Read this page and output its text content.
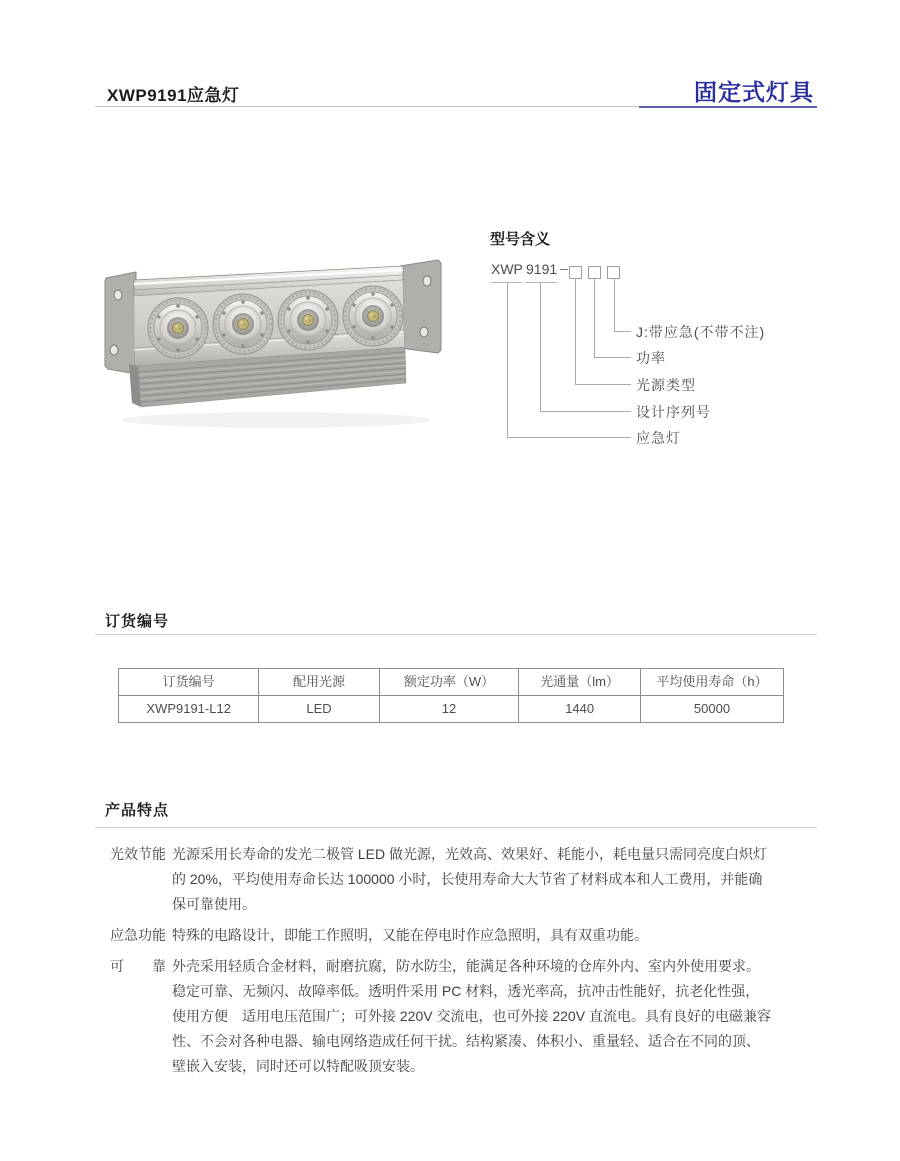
XWP9191应急灯	固定式灯具
型号含义
XWP 9191 –
J:带应急(不带不注)
功率
光源类型
设计序列号
应急灯
订货编号
订货编号	配用光源	额定功率（W）	光通量（lm）	平均使用寿命（h）
XWP9191-L12	LED	12	1440	50000
产品特点
光效节能 光源采用长寿命的发光二极管 LED 做光源，光效高、效果好、耗能小，耗电量只需同亮度白炽灯的 20%，平均使用寿命长达 100000 小时，长使用寿命大大节省了材料成本和人工费用，并能确保可靠使用。
应急功能 特殊的电路设计，即能工作照明，又能在停电时作应急照明，具有双重功能。
可　　靠 外壳采用轻质合金材料，耐磨抗腐，防水防尘，能满足各种环境的仓库外内、室内外使用要求。稳定可靠、无频闪、故障率低。透明件采用 PC 材料，透光率高，抗冲击性能好，抗老化性强，使用方便　适用电压范围广；可外接 220V 交流电，也可外接 220V 直流电。具有良好的电磁兼容性、不会对各种电器、输电网络造成任何干扰。结构紧凑、体积小、重量轻、适合在不同的顶、壁嵌入安装，同时还可以特配吸顶安装。
